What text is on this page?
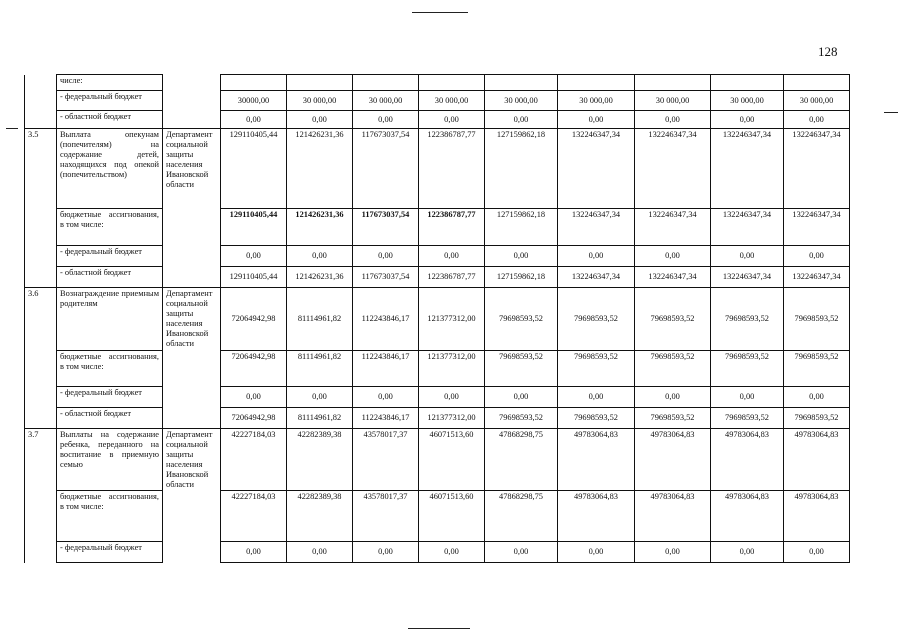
128
	числе:										
	- федеральный бюджет		30000,00	30 000,00	30 000,00	30 000,00	30 000,00	30 000,00	30 000,00	30 000,00	30 000,00
	- областной бюджет		0,00	0,00	0,00	0,00	0,00	0,00	0,00	0,00	0,00
3.5	Выплата опекунам (попечителям) на содержание детей, находящихся под опекой (попечительством)	Департамент социальной защиты населения Ивановской области	129110405,44	121426231,36	117673037,54	122386787,77	127159862,18	132246347,34	132246347,34	132246347,34	132246347,34
	бюджетные ассигнования, в том числе:		129110405,44	121426231,36	117673037,54	122386787,77	127159862,18	132246347,34	132246347,34	132246347,34	132246347,34
	- федеральный бюджет		0,00	0,00	0,00	0,00	0,00	0,00	0,00	0,00	0,00
	- областной бюджет		129110405,44	121426231,36	117673037,54	122386787,77	127159862,18	132246347,34	132246347,34	132246347,34	132246347,34
3.6	Вознаграждение приемным родителям	Департамент социальной защиты населения Ивановской области	72064942,98	81114961,82	112243846,17	121377312,00	79698593,52	79698593,52	79698593,52	79698593,52	79698593,52
	бюджетные ассигнования, в том числе:		72064942,98	81114961,82	112243846,17	121377312,00	79698593,52	79698593,52	79698593,52	79698593,52	79698593,52
	- федеральный бюджет		0,00	0,00	0,00	0,00	0,00	0,00	0,00	0,00	0,00
	- областной бюджет		72064942,98	81114961,82	112243846,17	121377312,00	79698593,52	79698593,52	79698593,52	79698593,52	79698593,52
3.7	Выплаты на содержание ребенка, переданного на воспитание в приемную семью	Департамент социальной защиты населения Ивановской области	42227184,03	42282389,38	43578017,37	46071513,60	47868298,75	49783064,83	49783064,83	49783064,83	49783064,83
	бюджетные ассигнования, в том числе:		42227184,03	42282389,38	43578017,37	46071513,60	47868298,75	49783064,83	49783064,83	49783064,83	49783064,83
	- федеральный бюджет		0,00	0,00	0,00	0,00	0,00	0,00	0,00	0,00	0,00
